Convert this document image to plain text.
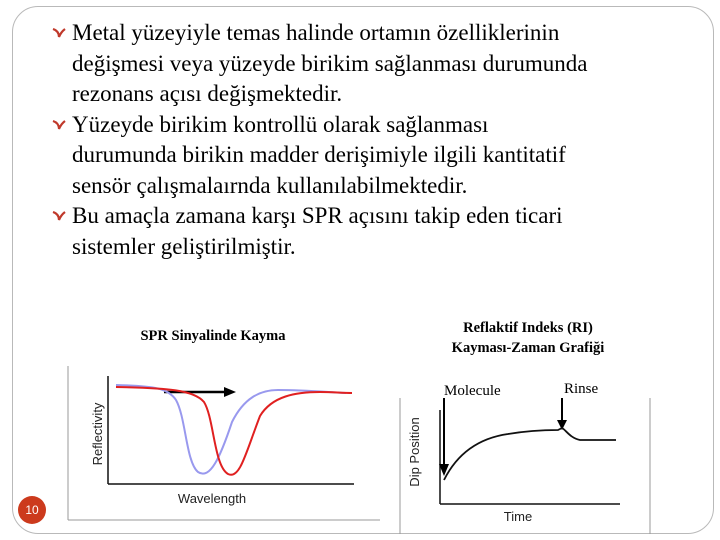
Metal yüzeyiyle temas halinde ortamın özelliklerinin
değişmesi veya yüzeyde birikim sağlanması durumunda
rezonans açısı değişmektedir.
Yüzeyde birikim kontrollü olarak sağlanması
durumunda birikin madder derişimiyle ilgili kantitatif
sensör çalışmalaırnda kullanılabilmektedir.
Bu amaçla zamana karşı SPR açısını takip eden ticari
sistemler geliştirilmiştir.
SPR Sinyalinde Kayma	Reflaktif Indeks (RI)
Kayması-Zaman Grafiği
Reflectivity
Wavelength
Molecule	Rinse
Dip Position
Time
10
